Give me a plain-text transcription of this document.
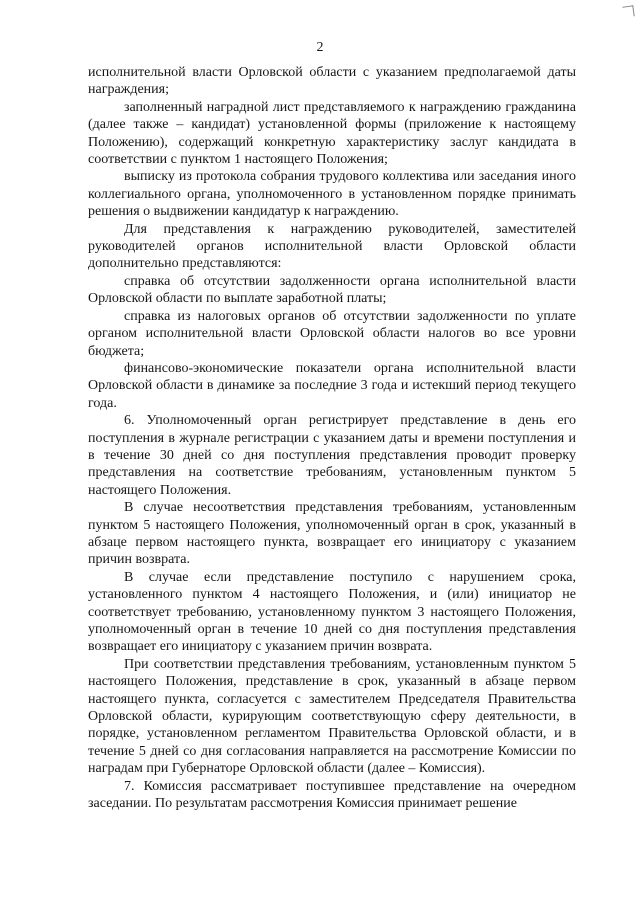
2

исполнительной власти Орловской области с указанием предполагаемой даты награждения;

заполненный наградной лист представляемого к награждению гражданина (далее также – кандидат) установленной формы (приложение к настоящему Положению), содержащий конкретную характеристику заслуг кандидата в соответствии с пунктом 1 настоящего Положения;

выписку из протокола собрания трудового коллектива или заседания иного коллегиального органа, уполномоченного в установленном порядке принимать решения о выдвижении кандидатур к награждению.

Для представления к награждению руководителей, заместителей руководителей органов исполнительной власти Орловской области дополнительно представляются:

справка об отсутствии задолженности органа исполнительной власти Орловской области по выплате заработной платы;

справка из налоговых органов об отсутствии задолженности по уплате органом исполнительной власти Орловской области налогов во все уровни бюджета;

финансово-экономические показатели органа исполнительной власти Орловской области в динамике за последние 3 года и истекший период текущего года.

6. Уполномоченный орган регистрирует представление в день его поступления в журнале регистрации с указанием даты и времени поступления и в течение 30 дней со дня поступления представления проводит проверку представления на соответствие требованиям, установленным пунктом 5 настоящего Положения.

В случае несоответствия представления требованиям, установленным пунктом 5 настоящего Положения, уполномоченный орган в срок, указанный в абзаце первом настоящего пункта, возвращает его инициатору с указанием причин возврата.

В случае если представление поступило с нарушением срока, установленного пунктом 4 настоящего Положения, и (или) инициатор не соответствует требованию, установленному пунктом 3 настоящего Положения, уполномоченный орган в течение 10 дней со дня поступления представления возвращает его инициатору с указанием причин возврата.

При соответствии представления требованиям, установленным пунктом 5 настоящего Положения, представление в срок, указанный в абзаце первом настоящего пункта, согласуется с заместителем Председателя Правительства Орловской области, курирующим соответствующую сферу деятельности, в порядке, установленном регламентом Правительства Орловской области, и в течение 5 дней со дня согласования направляется на рассмотрение Комиссии по наградам при Губернаторе Орловской области (далее – Комиссия).

7. Комиссия рассматривает поступившее представление на очередном заседании. По результатам рассмотрения Комиссия принимает решение
